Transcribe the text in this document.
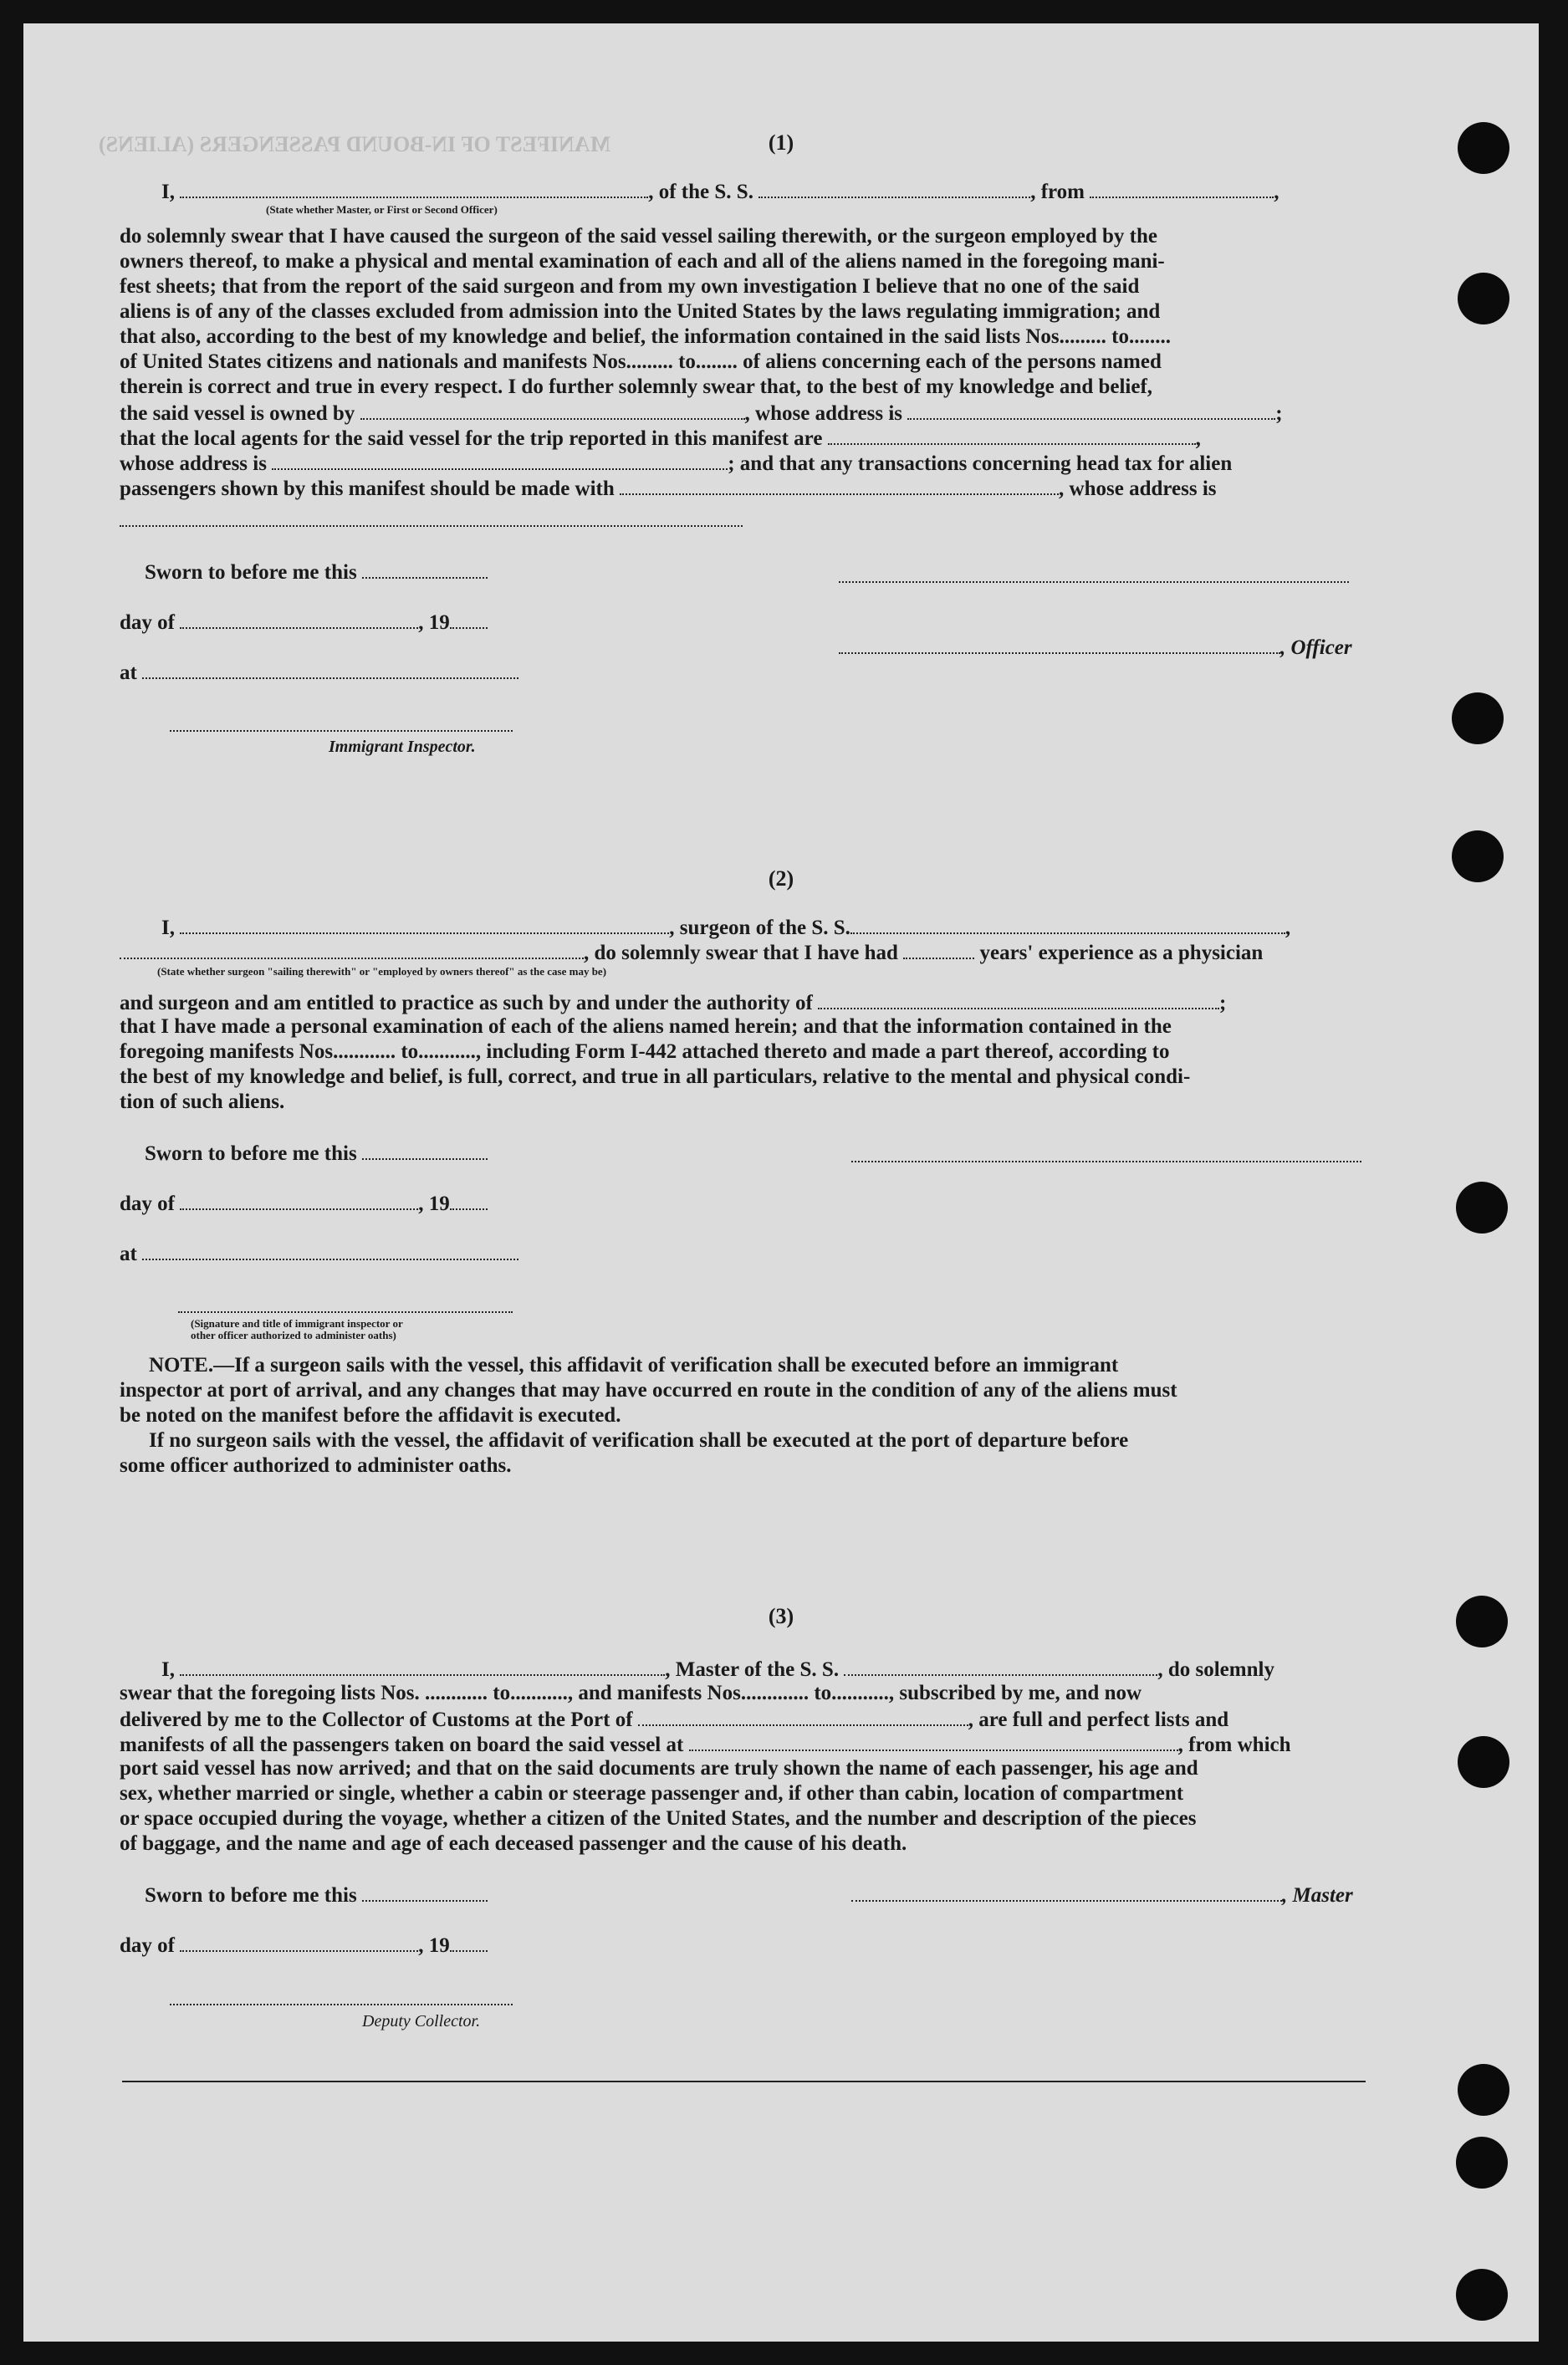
MANIFEST OF IN-BOUND PASSENGERS (ALIENS)	(1)
I,	, of the S. S.	, from	,
(State whether Master, or First or Second Officer)
do solemnly swear that I have caused the surgeon of the said vessel sailing therewith, or the surgeon employed by the
owners thereof, to make a physical and mental examination of each and all of the aliens named in the foregoing mani-
fest sheets; that from the report of the said surgeon and from my own investigation I believe that no one of the said
aliens is of any of the classes excluded from admission into the United States by the laws regulating immigration; and
that also, according to the best of my knowledge and belief, the information contained in the said lists Nos......... to........
of United States citizens and nationals and manifests Nos......... to........ of aliens concerning each of the persons named
therein is correct and true in every respect. I do further solemnly swear that, to the best of my knowledge and belief,
the said vessel is owned by	, whose address is	;
that the local agents for the said vessel for the trip reported in this manifest are	,
whose address is	; and that any transactions concerning head tax for alien
passengers shown by this manifest should be made with	, whose address is
Sworn to before me this
day of	, 19
, Officer
at
Immigrant Inspector.
(2)
I,	, surgeon of the S. S.	,
, do solemnly swear that I have had	years' experience as a physician
(State whether surgeon "sailing therewith" or "employed by owners thereof" as the case may be)
and surgeon and am entitled to practice as such by and under the authority of	;
that I have made a personal examination of each of the aliens named herein; and that the information contained in the
foregoing manifests Nos............ to..........., including Form I-442 attached thereto and made a part thereof, according to
the best of my knowledge and belief, is full, correct, and true in all particulars, relative to the mental and physical condi-
tion of such aliens.
Sworn to before me this
day of	, 19
at
(Signature and title of immigrant inspector or
other officer authorized to administer oaths)
NOTE.—If a surgeon sails with the vessel, this affidavit of verification shall be executed before an immigrant
inspector at port of arrival, and any changes that may have occurred en route in the condition of any of the aliens must
be noted on the manifest before the affidavit is executed.
If no surgeon sails with the vessel, the affidavit of verification shall be executed at the port of departure before
some officer authorized to administer oaths.
(3)
I,	, Master of the S. S.	, do solemnly
swear that the foregoing lists Nos. ............ to..........., and manifests Nos............. to..........., subscribed by me, and now
delivered by me to the Collector of Customs at the Port of	, are full and perfect lists and
manifests of all the passengers taken on board the said vessel at	, from which
port said vessel has now arrived; and that on the said documents are truly shown the name of each passenger, his age and
sex, whether married or single, whether a cabin or steerage passenger and, if other than cabin, location of compartment
or space occupied during the voyage, whether a citizen of the United States, and the number and description of the pieces
of baggage, and the name and age of each deceased passenger and the cause of his death.
Sworn to before me this	, Master
day of	, 19
Deputy Collector.
